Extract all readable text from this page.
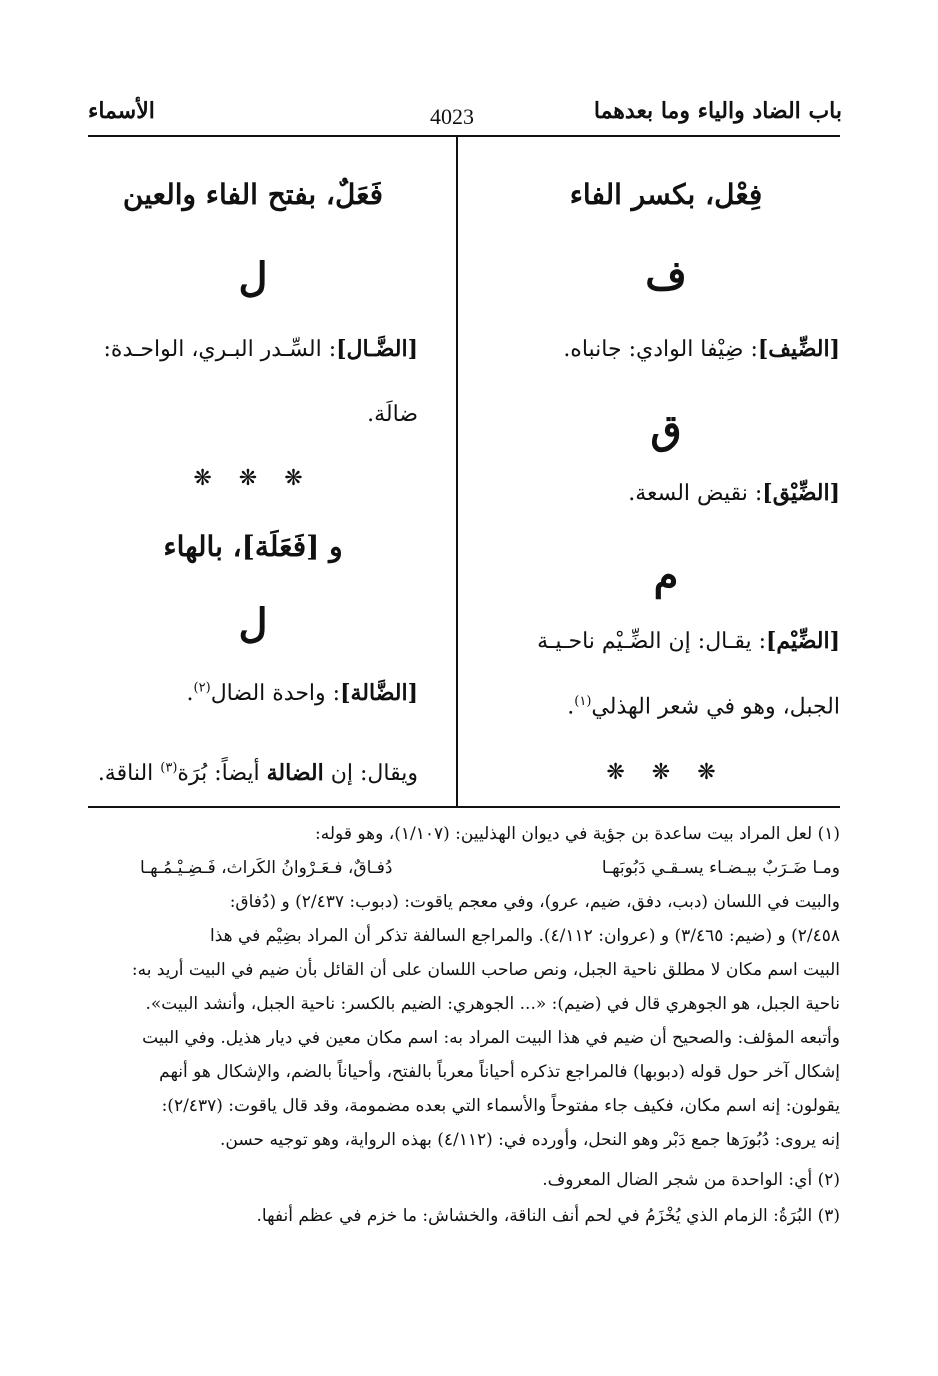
باب الضاد والياء وما بعدهما
4023
الأسماء
فِعْل، بكسر الفاء
ف
[الضِّيف]: ضِيْفا الوادي: جانباه.
ق
[الضِّيْق]: نقيض السعة.
م
[الضِّيْم]: يقـال: إن الضِّـيْم ناحـيـة
الجبل، وهو في شعر الهذلي$^{(١)}$.
❋ ❋ ❋
فَعَلٌ، بفتح الفاء والعين
ل
[الضَّـال]: السِّـدر البـري، الواحـدة:
ضالَة.
❋ ❋ ❋
و [فَعَلَة]، بالهاء
ل
[الضَّالة]: واحدة الضال$^{(٢)}$.
ويقال: إن الضالة أيضاً: بُرَة$^{(٣)}$ الناقة.
(١) لعل المراد بيت ساعدة بن جؤية في ديوان الهذليين: (١/١٠٧)، وهو قوله:
ومـا ضَـرَبٌ بيـضـاء يسـقـي دَبُوبَهـا
دُفـاقٌ، فـعَـرْوانُ الكَراث، فَـضِـيْـمُـهـا
والبيت في اللسان (دبب، دفق، ضيم، عرو)، وفي معجم ياقوت: (دبوب: ٢/٤٣٧) و (دُفاق:
٢/٤٥٨) و (ضيم: ٣/٤٦٥) و (عروان: ٤/١١٢). والمراجع السالفة تذكر أن المراد بضِيْم في هذا
البيت اسم مكان لا مطلق ناحية الجبل، ونص صاحب اللسان على أن القائل بأن ضيم في البيت أريد به:
ناحية الجبل، هو الجوهري قال في (ضيم): «... الجوهري: الضيم بالكسر: ناحية الجبل، وأنشد البيت».
وأتبعه المؤلف: والصحيح أن ضيم في هذا البيت المراد به: اسم مكان معين في ديار هذيل. وفي البيت
إشكال آخر حول قوله (دبوبها) فالمراجع تذكره أحياناً معرباً بالفتح، وأحياناً بالضم، والإشكال هو أنهم
يقولون: إنه اسم مكان، فكيف جاء مفتوحاً والأسماء التي بعده مضمومة، وقد قال ياقوت: (٢/٤٣٧):
إنه يروى: دُبُورَها جمع دَبْر وهو النحل، وأورده في: (٤/١١٢) بهذه الرواية، وهو توجيه حسن.
(٢) أي: الواحدة من شجر الضال المعروف.
(٣) البُرَةُ: الزمام الذي يُخْزَمُ في لحم أنف الناقة، والخشاش: ما خزم في عظم أنفها.
